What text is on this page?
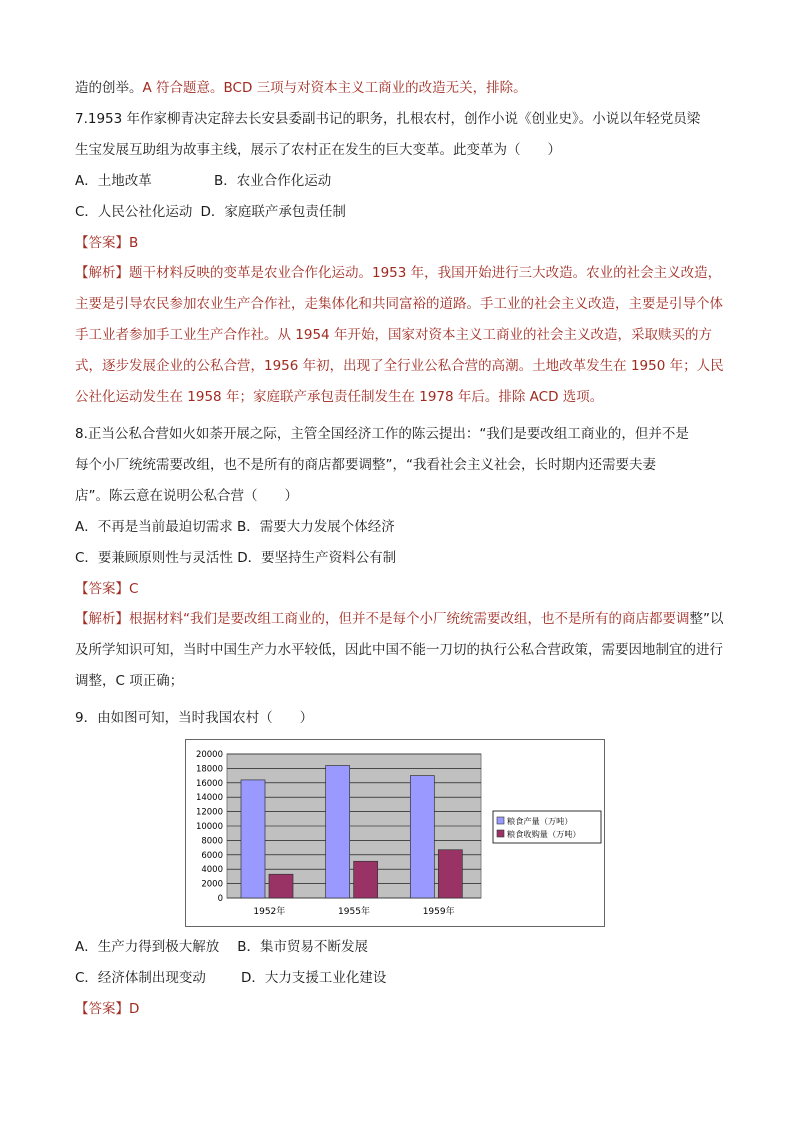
造的创举。A 符合题意。BCD 三项与对资本主义工商业的改造无关，排除。

7.1953 年作家柳青决定辞去长安县委副书记的职务，扎根农村，创作小说《创业史》。小说以年轻党员梁

生宝发展互助组为故事主线，展示了农村正在发生的巨大变革。此变革为（　　）

A．土地改革	B．农业合作化运动

C．人民公社化运动 D．家庭联产承包责任制

【答案】B

【解析】题干材料反映的变革是农业合作化运动。1953 年，我国开始进行三大改造。农业的社会主义改造，主要是引导农民参加农业生产合作社，走集体化和共同富裕的道路。手工业的社会主义改造，主要是引导个体手工业者参加手工业生产合作社。从 1954 年开始，国家对资本主义工商业的社会主义改造，采取赎买的方式，逐步发展企业的公私合营，1956 年初，出现了全行业公私合营的高潮。土地改革发生在 1950 年；人民公社化运动发生在 1958 年；家庭联产承包责任制发生在 1978 年后。排除 ACD 选项。

8.正当公私合营如火如荼开展之际，主管全国经济工作的陈云提出：“我们是要改组工商业的，但并不是

每个小厂统统需要改组，也不是所有的商店都要调整”，“我看社会主义社会，长时期内还需要夫妻

店”。陈云意在说明公私合营（　　）

A．不再是当前最迫切需求 B．需要大力发展个体经济

C．要兼顾原则性与灵活性 D．要坚持生产资料公有制

【答案】C

【解析】根据材料“我们是要改组工商业的，但并不是每个小厂统统需要改组，也不是所有的商店都要调整”以及所学知识可知，当时中国生产力水平较低，因此中国不能一刀切的执行公私合营政策，需要因地制宜的进行调整，C 项正确；

9．由如图可知，当时我国农村（　　）

20000
18000
16000
14000
12000
10000
8000
6000
4000
2000
0
1952年	1955年	1959年
粮食产量（万吨）
粮食收购量（万吨）

A．生产力得到极大解放 B．集市贸易不断发展

C．经济体制出现变动	D．大力支援工业化建设

【答案】D
